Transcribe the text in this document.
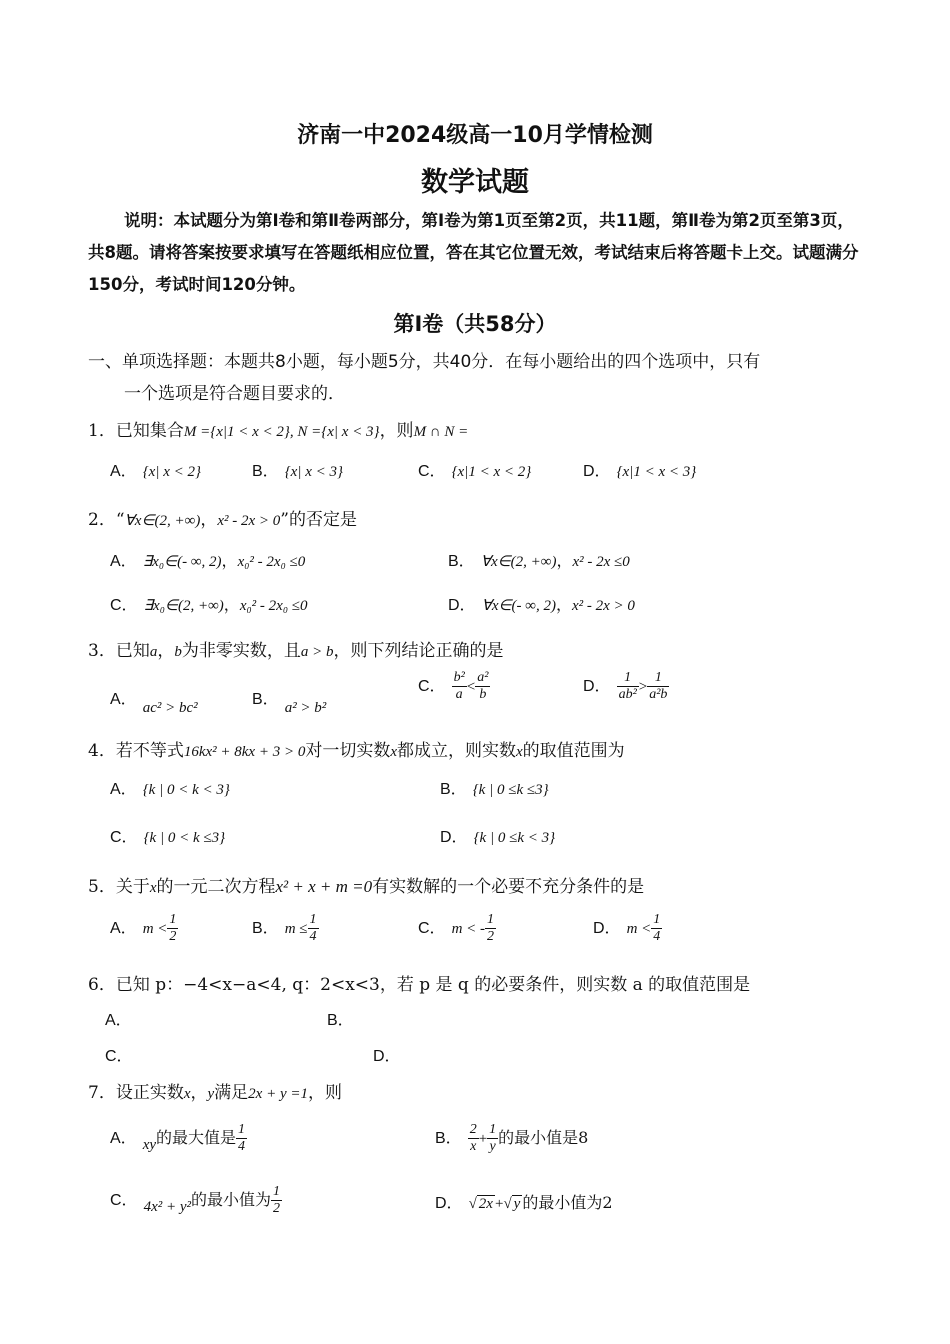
济南一中2024级高一10月学情检测
数学试题
说明：本试题分为第Ⅰ卷和第Ⅱ卷两部分，第Ⅰ卷为第1页至第2页，共11题，第Ⅱ卷为第2页至第3页，共8题。请将答案按要求填写在答题纸相应位置，答在其它位置无效，考试结束后将答题卡上交。试题满分150分，考试时间120分钟。
第Ⅰ卷（共58分）
一、单项选择题：本题共8小题，每小题5分，共40分．在每小题给出的四个选项中，只有
一个选项是符合题目要求的．
1．已知集合M ={x|1 < x < 2}, N ={x| x < 3}，则M ∩ N =
A． {x| x < 2}	B． {x| x < 3}	C． {x|1 < x < 2}	D． {x|1 < x < 3}
2．“∀x∈(2, +∞)，x² - 2x > 0”的否定是
A． ∃x₀∈(- ∞, 2)，x₀² - 2x₀ ≤0	B． ∀x∈(2, +∞)，x² - 2x ≤0
C． ∃x₀∈(2, +∞)，x₀² - 2x₀ ≤0	D． ∀x∈(- ∞, 2)，x² - 2x > 0
3．已知a，b为非零实数，且a > b，则下列结论正确的是
A． ac² > bc²	B． a² > b²
C． $\frac{\text{b²}}{a} < \frac{\text{a²}}{b}$	D． $\frac{1}{\text{ab²}} > \frac{1}{\text{a²b}}$
4．若不等式16kx² + 8kx + 3 > 0对一切实数x都成立，则实数x的取值范围为
A． {k | 0 < k < 3}	B． {k | 0 ≤k ≤3}
C． {k | 0 < k ≤3}	D． {k | 0 ≤k < 3}
5．关于x的一元二次方程x² + x + m =0有实数解的一个必要不充分条件的是
A． $m < \frac{1}{2}$	B． $m \le \frac{1}{4}$	C． m < - $\frac{1}{2}$	D． $m < \frac{1}{4}$
6．已知 p：−4<x−a<4, q：2<x<3，若 p 是 q 的必要条件，则实数 a 的取值范围是
A．	B．
C．	D．
7．设正实数x，y满足2x + y =1，则
A． xy的最大值是 $\frac{1}{4}$	B． $\frac{2}{x} + \frac{1}{y}$ 的最小值是8
C． 4x² + y²的最小值为 $\frac{1}{2}$	D． √ 2x +√ y 的最小值为2
